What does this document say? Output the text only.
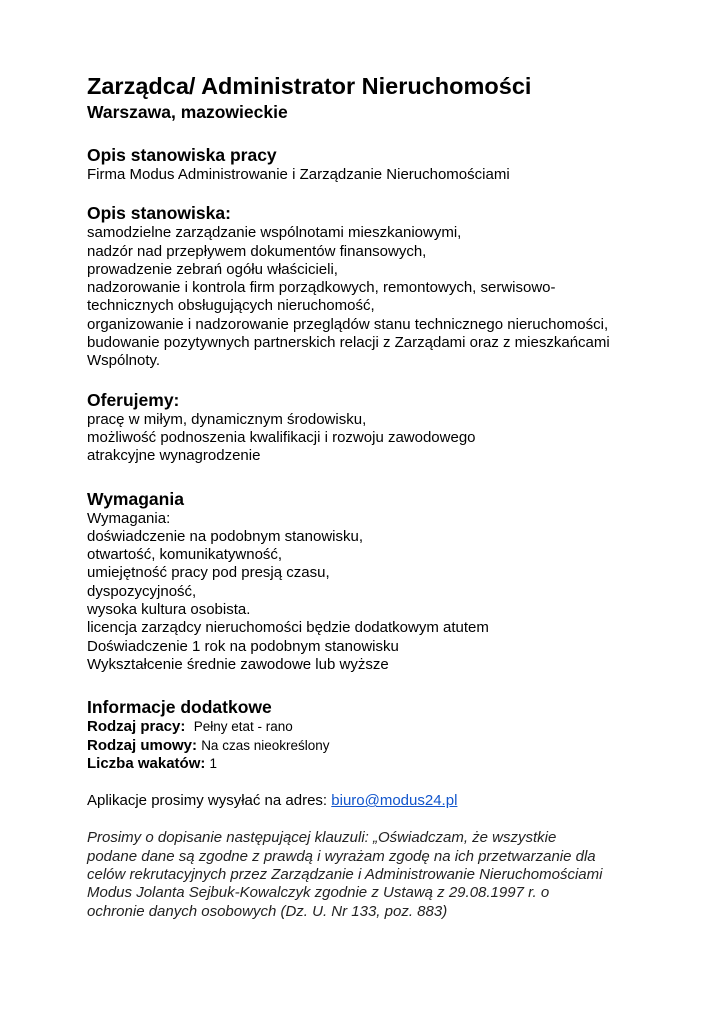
Zarządca/ Administrator Nieruchomości
Warszawa, mazowieckie
Opis stanowiska pracy

Firma Modus Administrowanie i Zarządzanie Nieruchomościami

Opis stanowiska:
samodzielne zarządzanie wspólnotami mieszkaniowymi,
nadzór nad przepływem dokumentów finansowych,
prowadzenie zebrań ogółu właścicieli,
nadzorowanie i kontrola firm porządkowych, remontowych, serwisowo-
technicznych obsługujących nieruchomość,
organizowanie i nadzorowanie przeglądów stanu technicznego nieruchomości,
budowanie pozytywnych partnerskich relacji z Zarządami oraz z mieszkańcami
Wspólnoty.
Oferujemy:
pracę w miłym, dynamicznym środowisku,
możliwość podnoszenia kwalifikacji i rozwoju zawodowego
atrakcyjne wynagrodzenie
Wymagania
Wymagania:
doświadczenie na podobnym stanowisku,
otwartość, komunikatywność,
umiejętność pracy pod presją czasu,
dyspozycyjność,
wysoka kultura osobista.
licencja zarządcy nieruchomości będzie dodatkowym atutem
Doświadczenie 1 rok na podobnym stanowisku
Wykształcenie średnie zawodowe lub wyższe
Informacje dodatkowe
Rodzaj pracy: Pełny etat - rano
Rodzaj umowy: Na czas nieokreślony
Liczba wakatów: 1
Aplikacje prosimy wysyłać na adres: biuro@modus24.pl
Prosimy o dopisanie następującej klauzuli: „Oświadczam, że wszystkie
podane dane są zgodne z prawdą i wyrażam zgodę na ich przetwarzanie dla
celów rekrutacyjnych przez Zarządzanie i Administrowanie Nieruchomościami
Modus Jolanta Sejbuk-Kowalczyk zgodnie z Ustawą z 29.08.1997 r. o
ochronie danych osobowych (Dz. U. Nr 133, poz. 883)
